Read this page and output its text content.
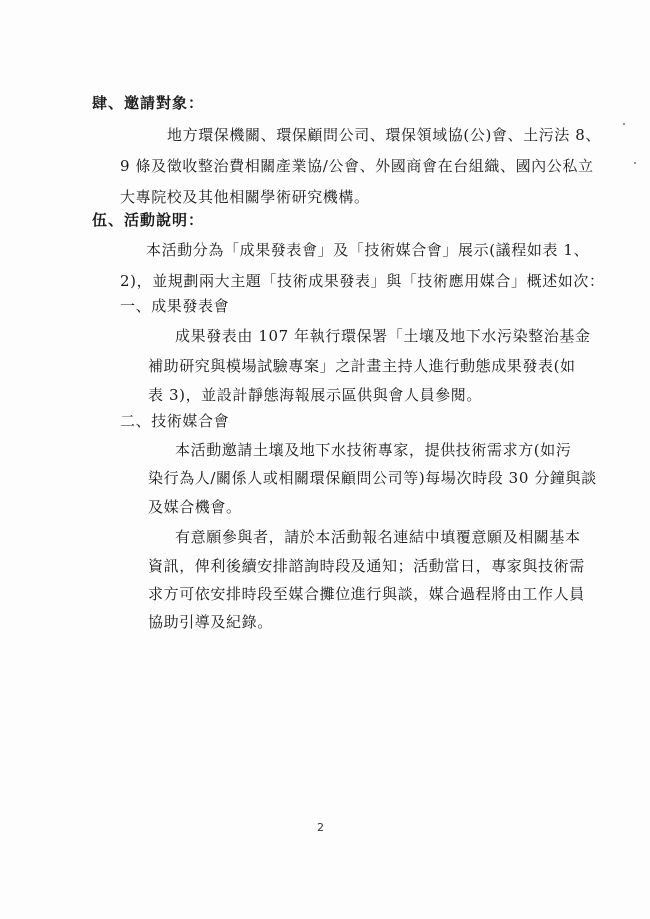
肆、邀請對象：
地方環保機關、環保顧問公司、環保領域協(公)會、土污法 8、
9 條及徵收整治費相關產業協/公會、外國商會在台組織、國內公私立
大專院校及其他相關學術研究機構。
伍、活動說明：
本活動分為「成果發表會」及「技術媒合會」展示(議程如表 1、
2)，並規劃兩大主題「技術成果發表」與「技術應用媒合」概述如次：
一、成果發表會
成果發表由 107 年執行環保署「土壤及地下水污染整治基金
補助研究與模場試驗專案」之計畫主持人進行動態成果發表(如
表 3)，並設計靜態海報展示區供與會人員參閱。
二、技術媒合會
本活動邀請土壤及地下水技術專家，提供技術需求方(如污
染行為人/關係人或相關環保顧問公司等)每場次時段 30 分鐘與談
及媒合機會。
有意願參與者，請於本活動報名連結中填覆意願及相關基本
資訊，俾利後續安排諮詢時段及通知；活動當日，專家與技術需
求方可依安排時段至媒合攤位進行與談，媒合過程將由工作人員
協助引導及紀錄。
2
